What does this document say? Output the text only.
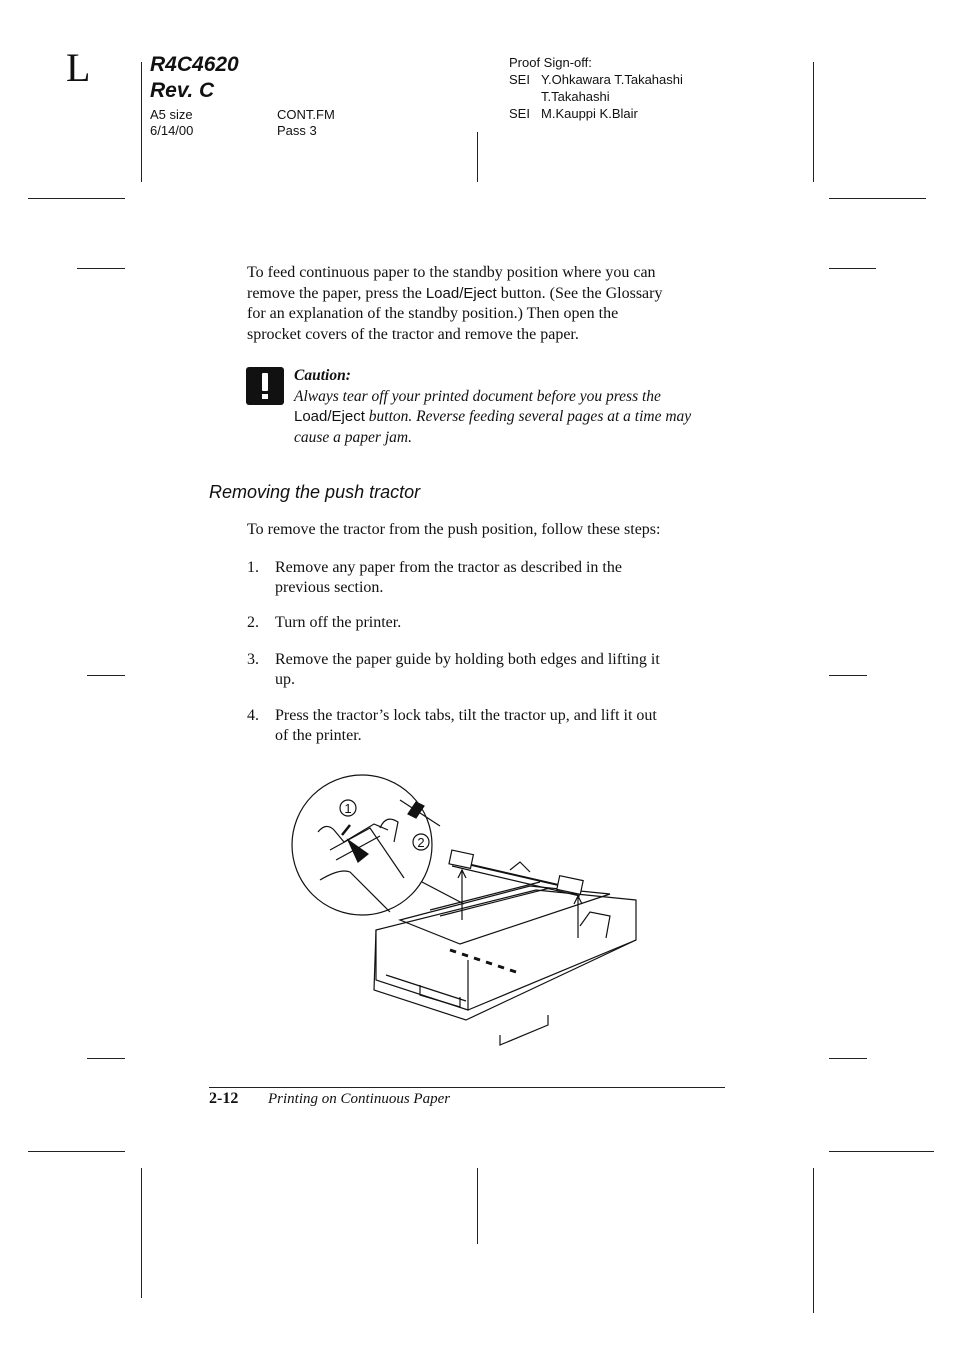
L	R4C4620
Rev. C
A5 size
6/14/00
CONT.FM
Pass 3
Proof Sign-off:
SEI Y.Ohkawara T.Takahashi
T.Takahashi
SEI M.Kauppi K.Blair
To feed continuous paper to the standby position where you can
remove the paper, press the Load/Eject button. (See the Glossary
for an explanation of the standby position.) Then open the
sprocket covers of the tractor and remove the paper.
Caution:
Always tear off your printed document before you press the
Load/Eject button. Reverse feeding several pages at a time may
cause a paper jam.
Removing the push tractor
To remove the tractor from the push position, follow these steps:
1. Remove any paper from the tractor as described in the
previous section.
2. Turn off the printer.
3. Remove the paper guide by holding both edges and lifting it
up.
4. Press the tractor’s lock tabs, tilt the tractor up, and lift it out
of the printer.
1
2
2-12 Printing on Continuous Paper
